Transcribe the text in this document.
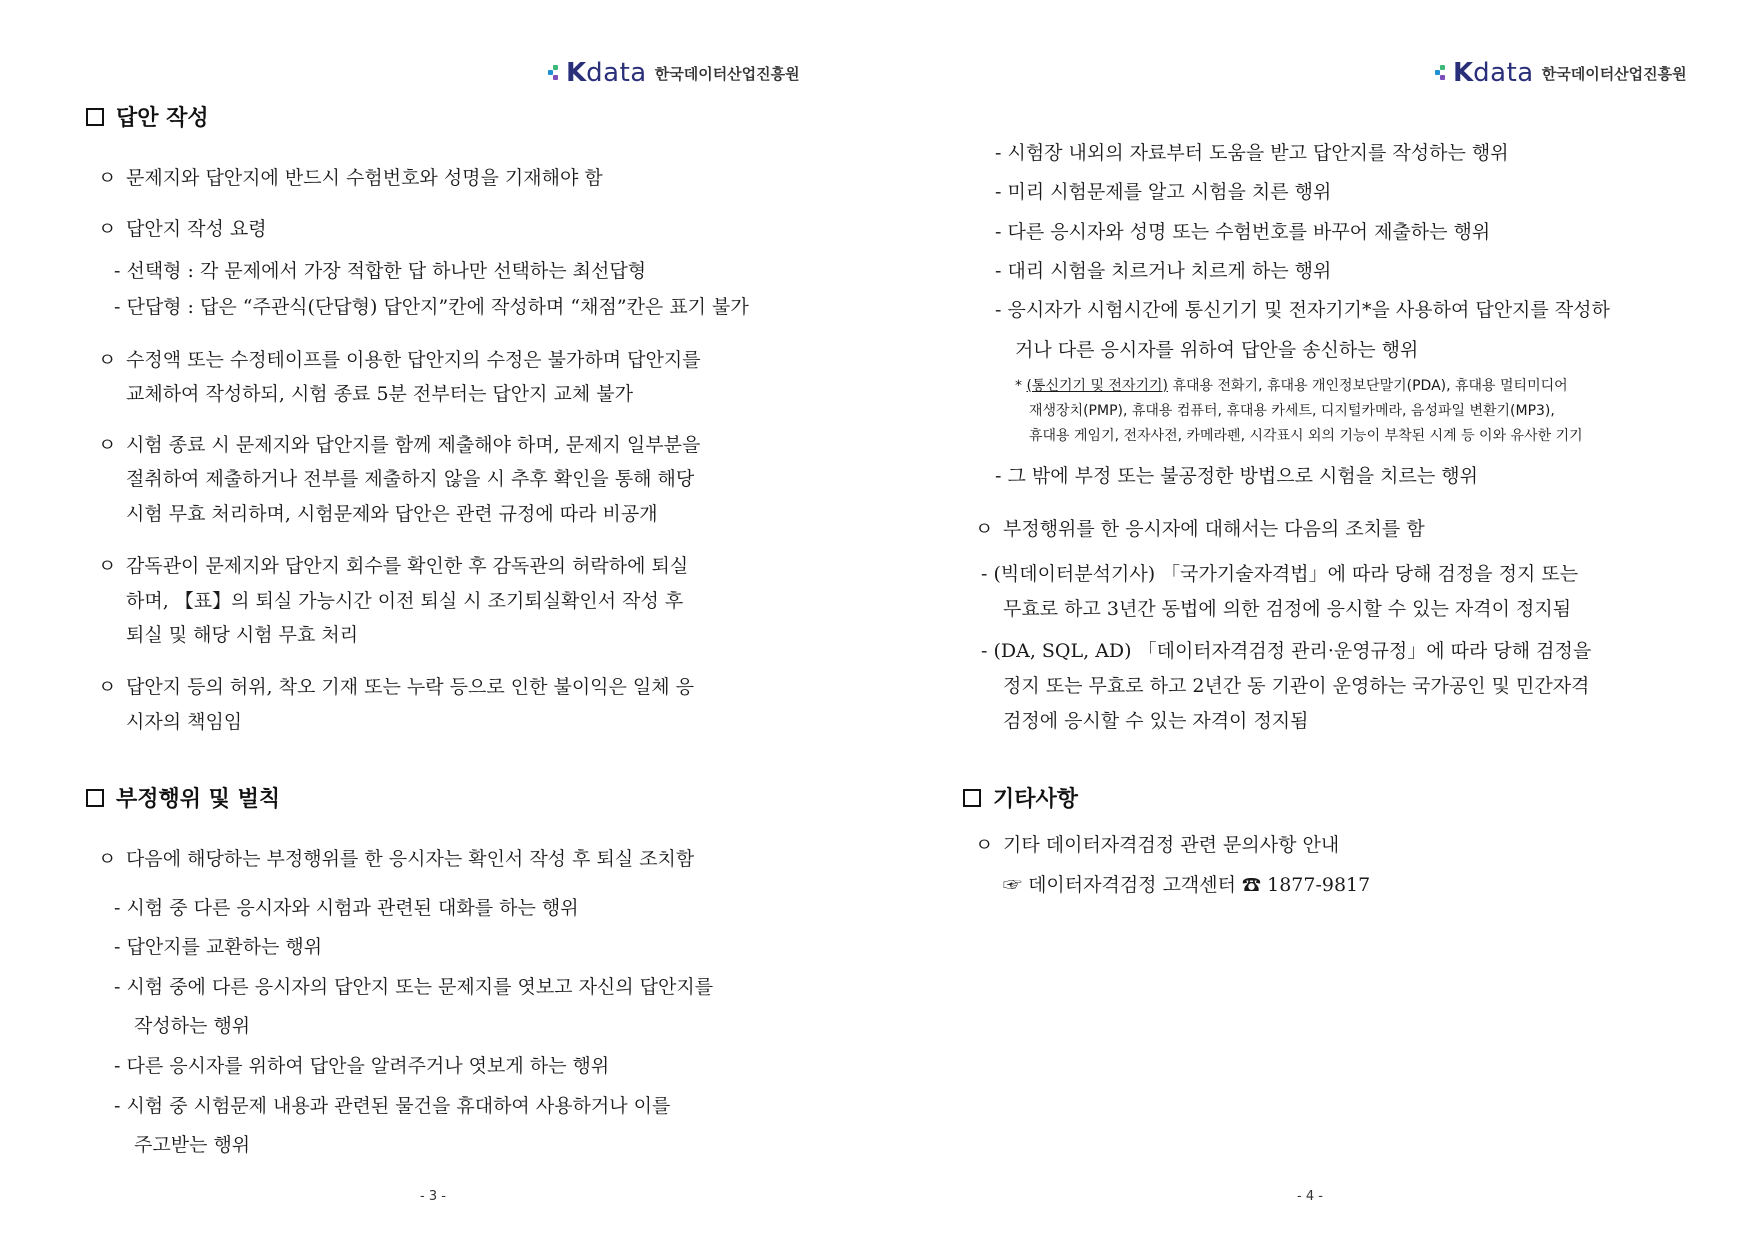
K data 한국데이터산업진흥원
답안 작성
ㅇ 문제지와 답안지에 반드시 수험번호와 성명을 기재해야 함
ㅇ 답안지 작성 요령
- 선택형 : 각 문제에서 가장 적합한 답 하나만 선택하는 최선답형
- 단답형 : 답은 “주관식(단답형) 답안지”칸에 작성하며 “채점”칸은 표기 불가
ㅇ 수정액 또는 수정테이프를 이용한 답안지의 수정은 불가하며 답안지를
교체하여 작성하되, 시험 종료 5분 전부터는 답안지 교체 불가
ㅇ 시험 종료 시 문제지와 답안지를 함께 제출해야 하며, 문제지 일부분을
절취하여 제출하거나 전부를 제출하지 않을 시 추후 확인을 통해 해당
시험 무효 처리하며, 시험문제와 답안은 관련 규정에 따라 비공개
ㅇ 감독관이 문제지와 답안지 회수를 확인한 후 감독관의 허락하에 퇴실
하며, 【표】의 퇴실 가능시간 이전 퇴실 시 조기퇴실확인서 작성 후
퇴실 및 해당 시험 무효 처리
ㅇ 답안지 등의 허위, 착오 기재 또는 누락 등으로 인한 불이익은 일체 응
시자의 책임임
부정행위 및 벌칙
ㅇ 다음에 해당하는 부정행위를 한 응시자는 확인서 작성 후 퇴실 조치함
- 시험 중 다른 응시자와 시험과 관련된 대화를 하는 행위
- 답안지를 교환하는 행위
- 시험 중에 다른 응시자의 답안지 또는 문제지를 엿보고 자신의 답안지를
작성하는 행위
- 다른 응시자를 위하여 답안을 알려주거나 엿보게 하는 행위
- 시험 중 시험문제 내용과 관련된 물건을 휴대하여 사용하거나 이를
주고받는 행위
- 3 -
K data 한국데이터산업진흥원
- 시험장 내외의 자료부터 도움을 받고 답안지를 작성하는 행위
- 미리 시험문제를 알고 시험을 치른 행위
- 다른 응시자와 성명 또는 수험번호를 바꾸어 제출하는 행위
- 대리 시험을 치르거나 치르게 하는 행위
- 응시자가 시험시간에 통신기기 및 전자기기*을 사용하여 답안지를 작성하
거나 다른 응시자를 위하여 답안을 송신하는 행위
* (통신기기 및 전자기기) 휴대용 전화기, 휴대용 개인정보단말기(PDA), 휴대용 멀티미디어
재생장치(PMP), 휴대용 컴퓨터, 휴대용 카세트, 디지털카메라, 음성파일 변환기(MP3),
휴대용 게임기, 전자사전, 카메라펜, 시각표시 외의 기능이 부착된 시계 등 이와 유사한 기기
- 그 밖에 부정 또는 불공정한 방법으로 시험을 치르는 행위
ㅇ 부정행위를 한 응시자에 대해서는 다음의 조치를 함
- (빅데이터분석기사) 「국가기술자격법」에 따라 당해 검정을 정지 또는
무효로 하고 3년간 동법에 의한 검정에 응시할 수 있는 자격이 정지됨
- (DA, SQL, AD) 「데이터자격검정 관리·운영규정」에 따라 당해 검정을
정지 또는 무효로 하고 2년간 동 기관이 운영하는 국가공인 및 민간자격
검정에 응시할 수 있는 자격이 정지됨
기타사항
ㅇ 기타 데이터자격검정 관련 문의사항 안내
☞ 데이터자격검정 고객센터 ☎ 1877-9817
- 4 -
